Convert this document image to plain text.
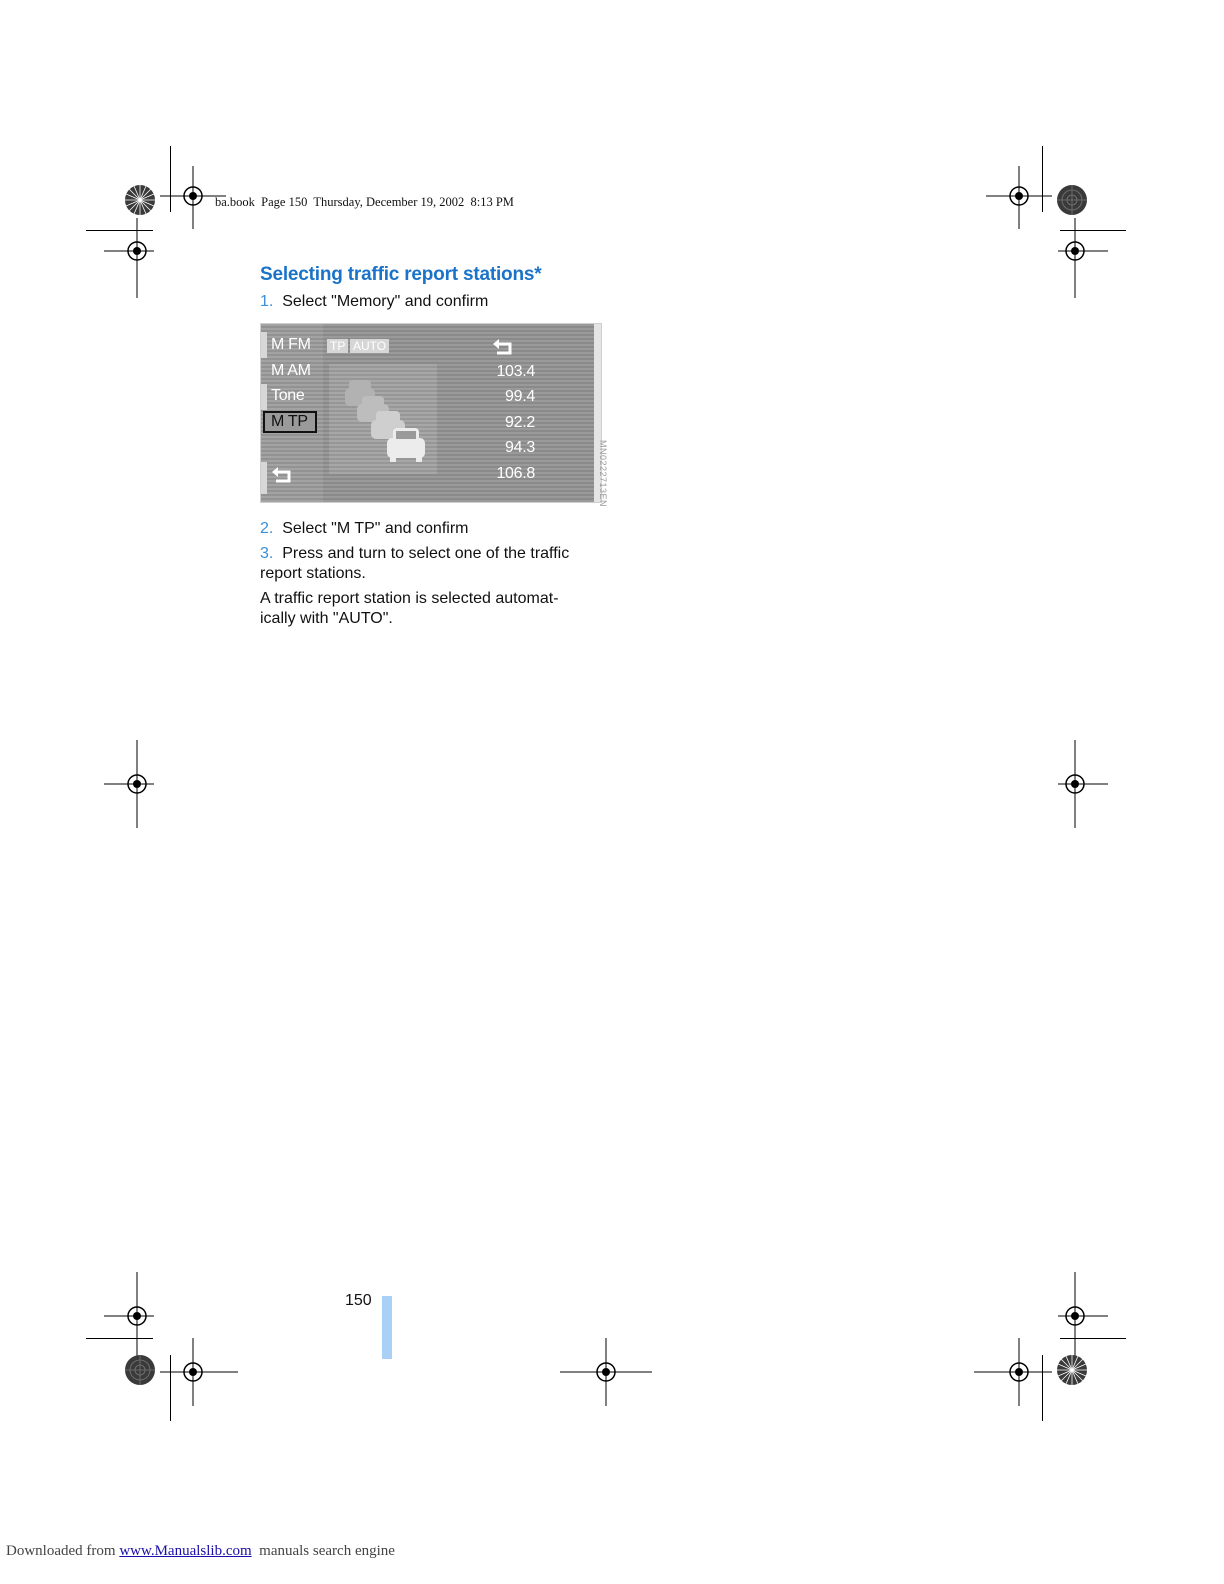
ba.book  Page 150  Thursday, December 19, 2002  8:13 PM
Selecting traffic report stations*
1. Select "Memory" and confirm
M FM
M AM
Tone
M TP
TP AUTO
103.4
99.4
92.2
94.3
106.8	MN0222713EN
2. Select "M TP" and confirm
3. Press and turn to select one of the traffic
report stations.
A traffic report station is selected automat-
ically with "AUTO".
150
Downloaded from www.Manualslib.com  manuals search engine
